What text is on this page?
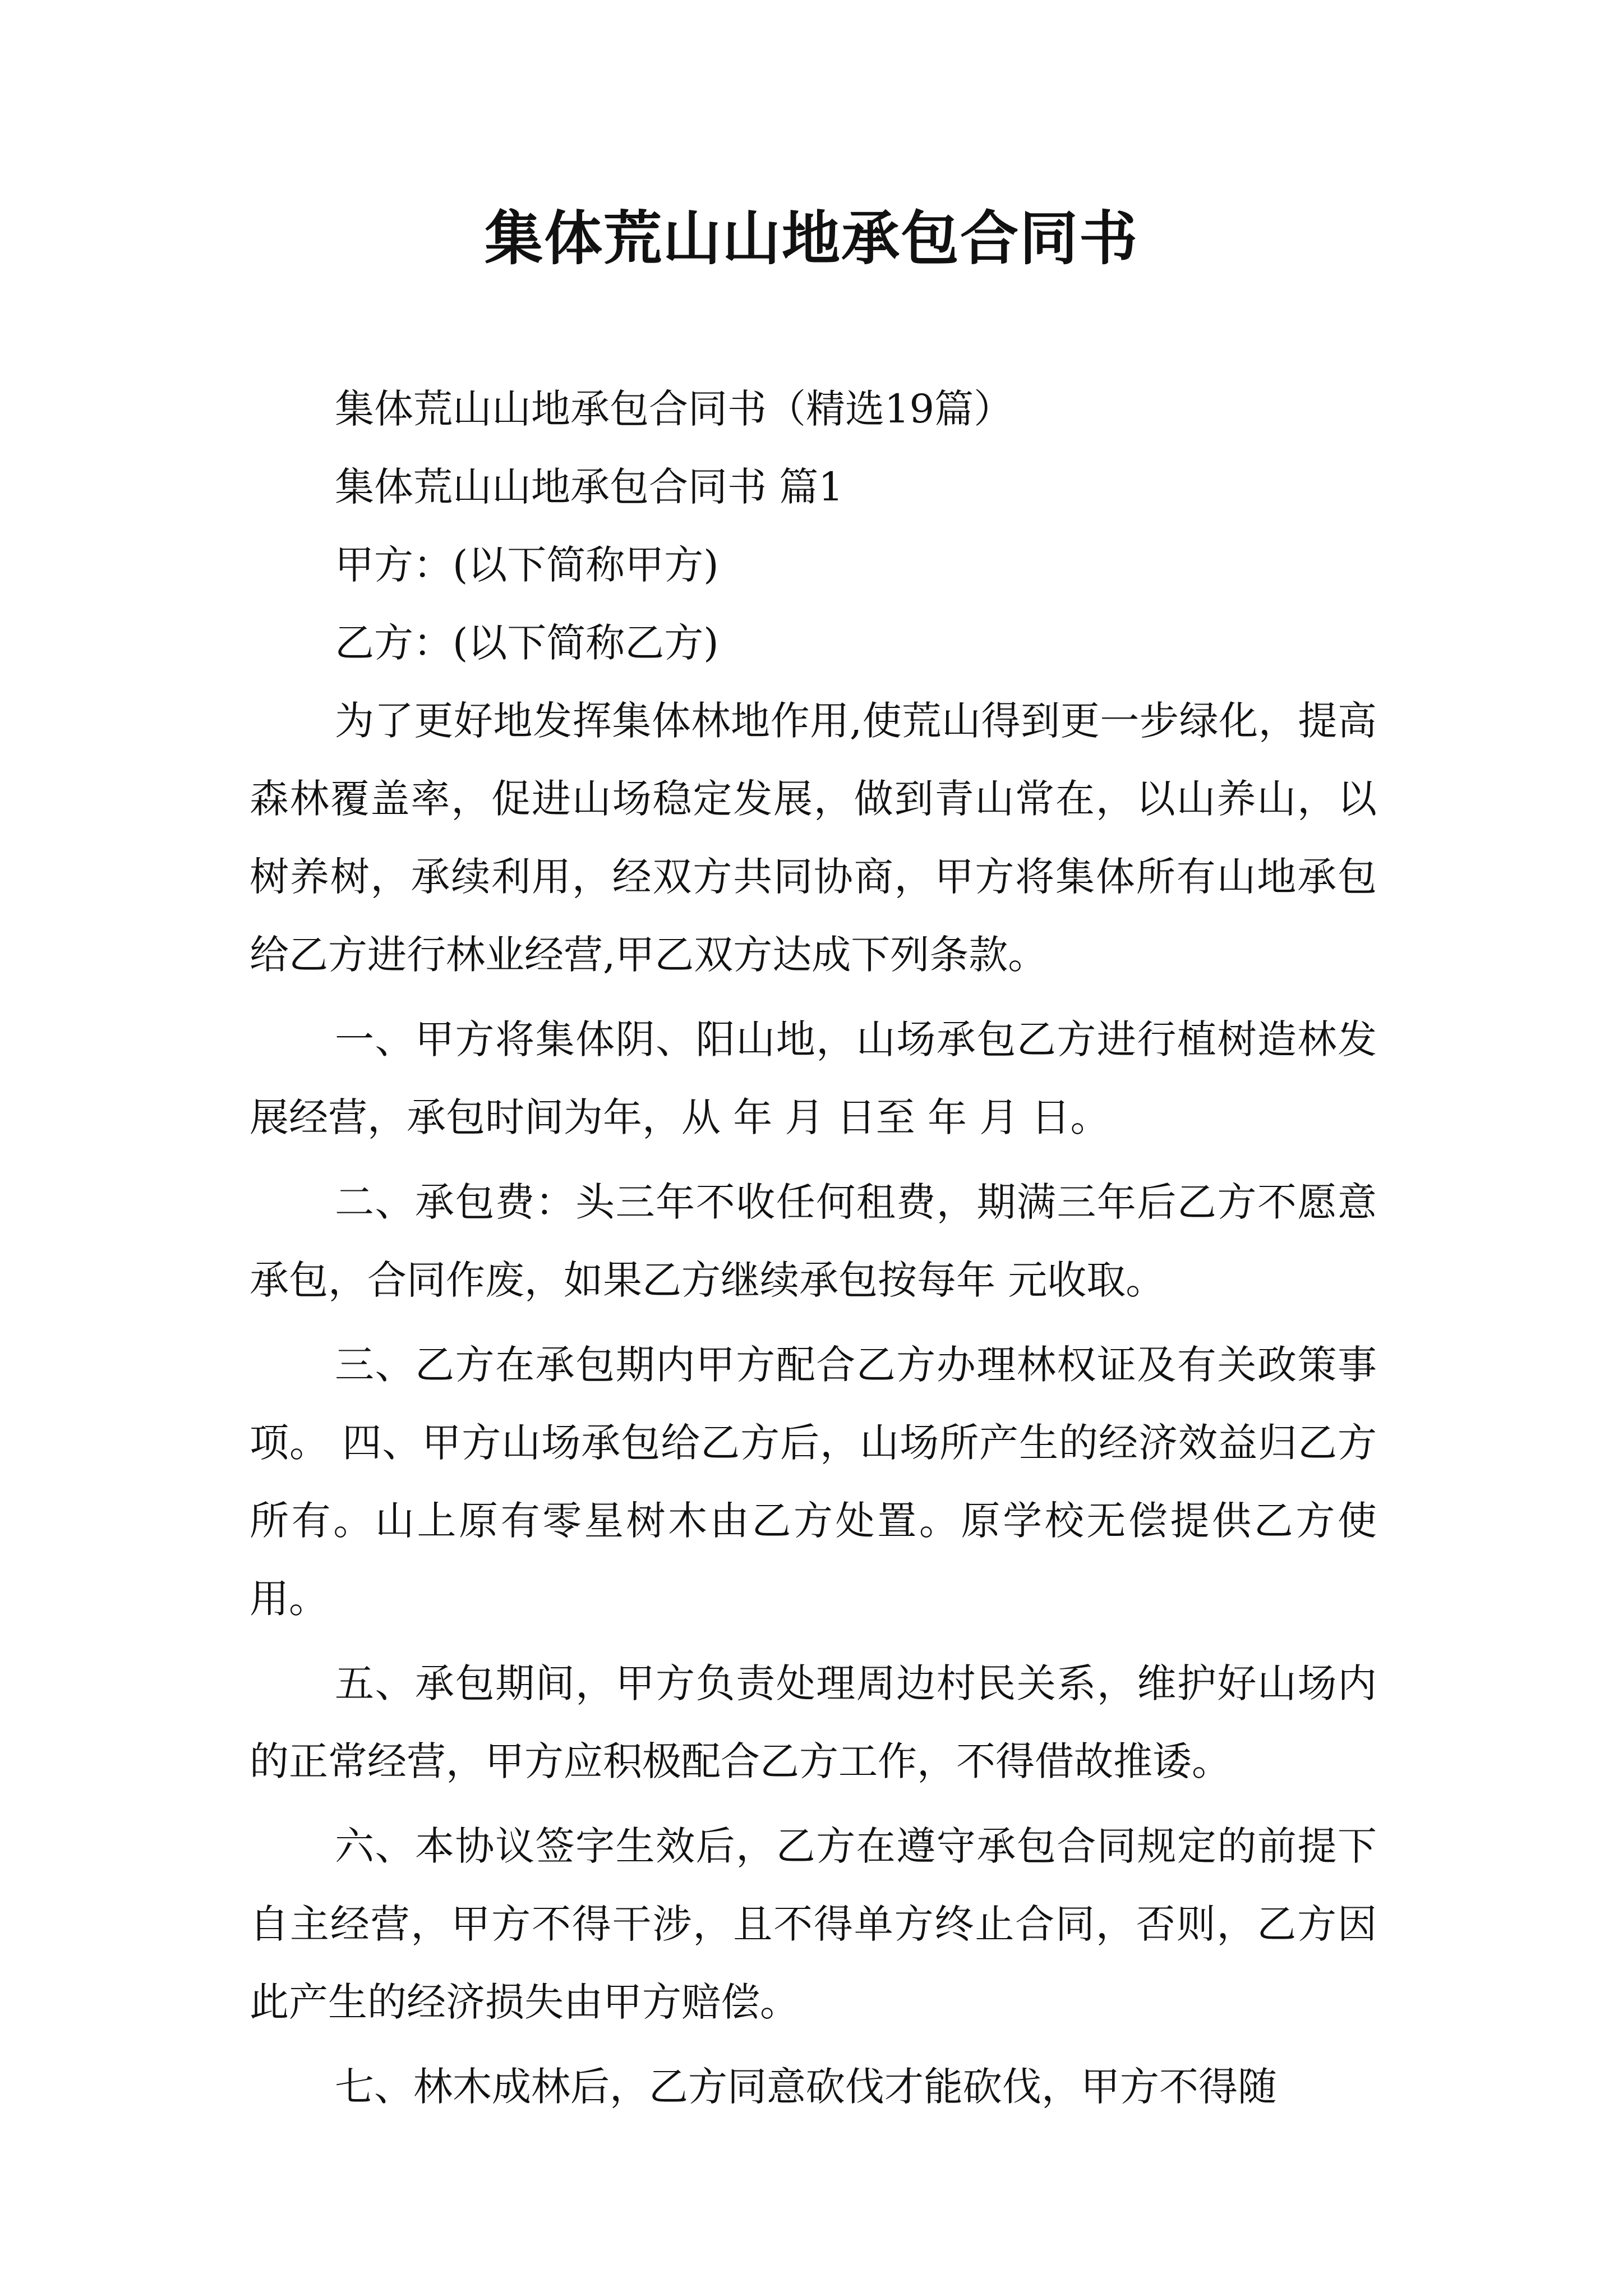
集体荒山山地承包合同书

集体荒山山地承包合同书（精选19篇）

集体荒山山地承包合同书 篇1

甲方：(以下简称甲方)

乙方：(以下简称乙方)

为了更好地发挥集体林地作用,使荒山得到更一步绿化，提高森林覆盖率，促进山场稳定发展，做到青山常在，以山养山，以树养树，承续利用，经双方共同协商，甲方将集体所有山地承包给乙方进行林业经营,甲乙双方达成下列条款。

一、甲方将集体阴、阳山地，山场承包乙方进行植树造林发展经营，承包时间为年，从 年 月 日至 年 月 日。

二、承包费：头三年不收任何租费，期满三年后乙方不愿意承包，合同作废，如果乙方继续承包按每年 元收取。

三、乙方在承包期内甲方配合乙方办理林权证及有关政策事项。 四、甲方山场承包给乙方后，山场所产生的经济效益归乙方所有。山上原有零星树木由乙方处置。原学校无偿提供乙方使用。

五、承包期间，甲方负责处理周边村民关系，维护好山场内的正常经营，甲方应积极配合乙方工作，不得借故推诿。

六、本协议签字生效后，乙方在遵守承包合同规定的前提下自主经营，甲方不得干涉，且不得单方终止合同，否则，乙方因此产生的经济损失由甲方赔偿。

七、林木成林后，乙方同意砍伐才能砍伐，甲方不得随
